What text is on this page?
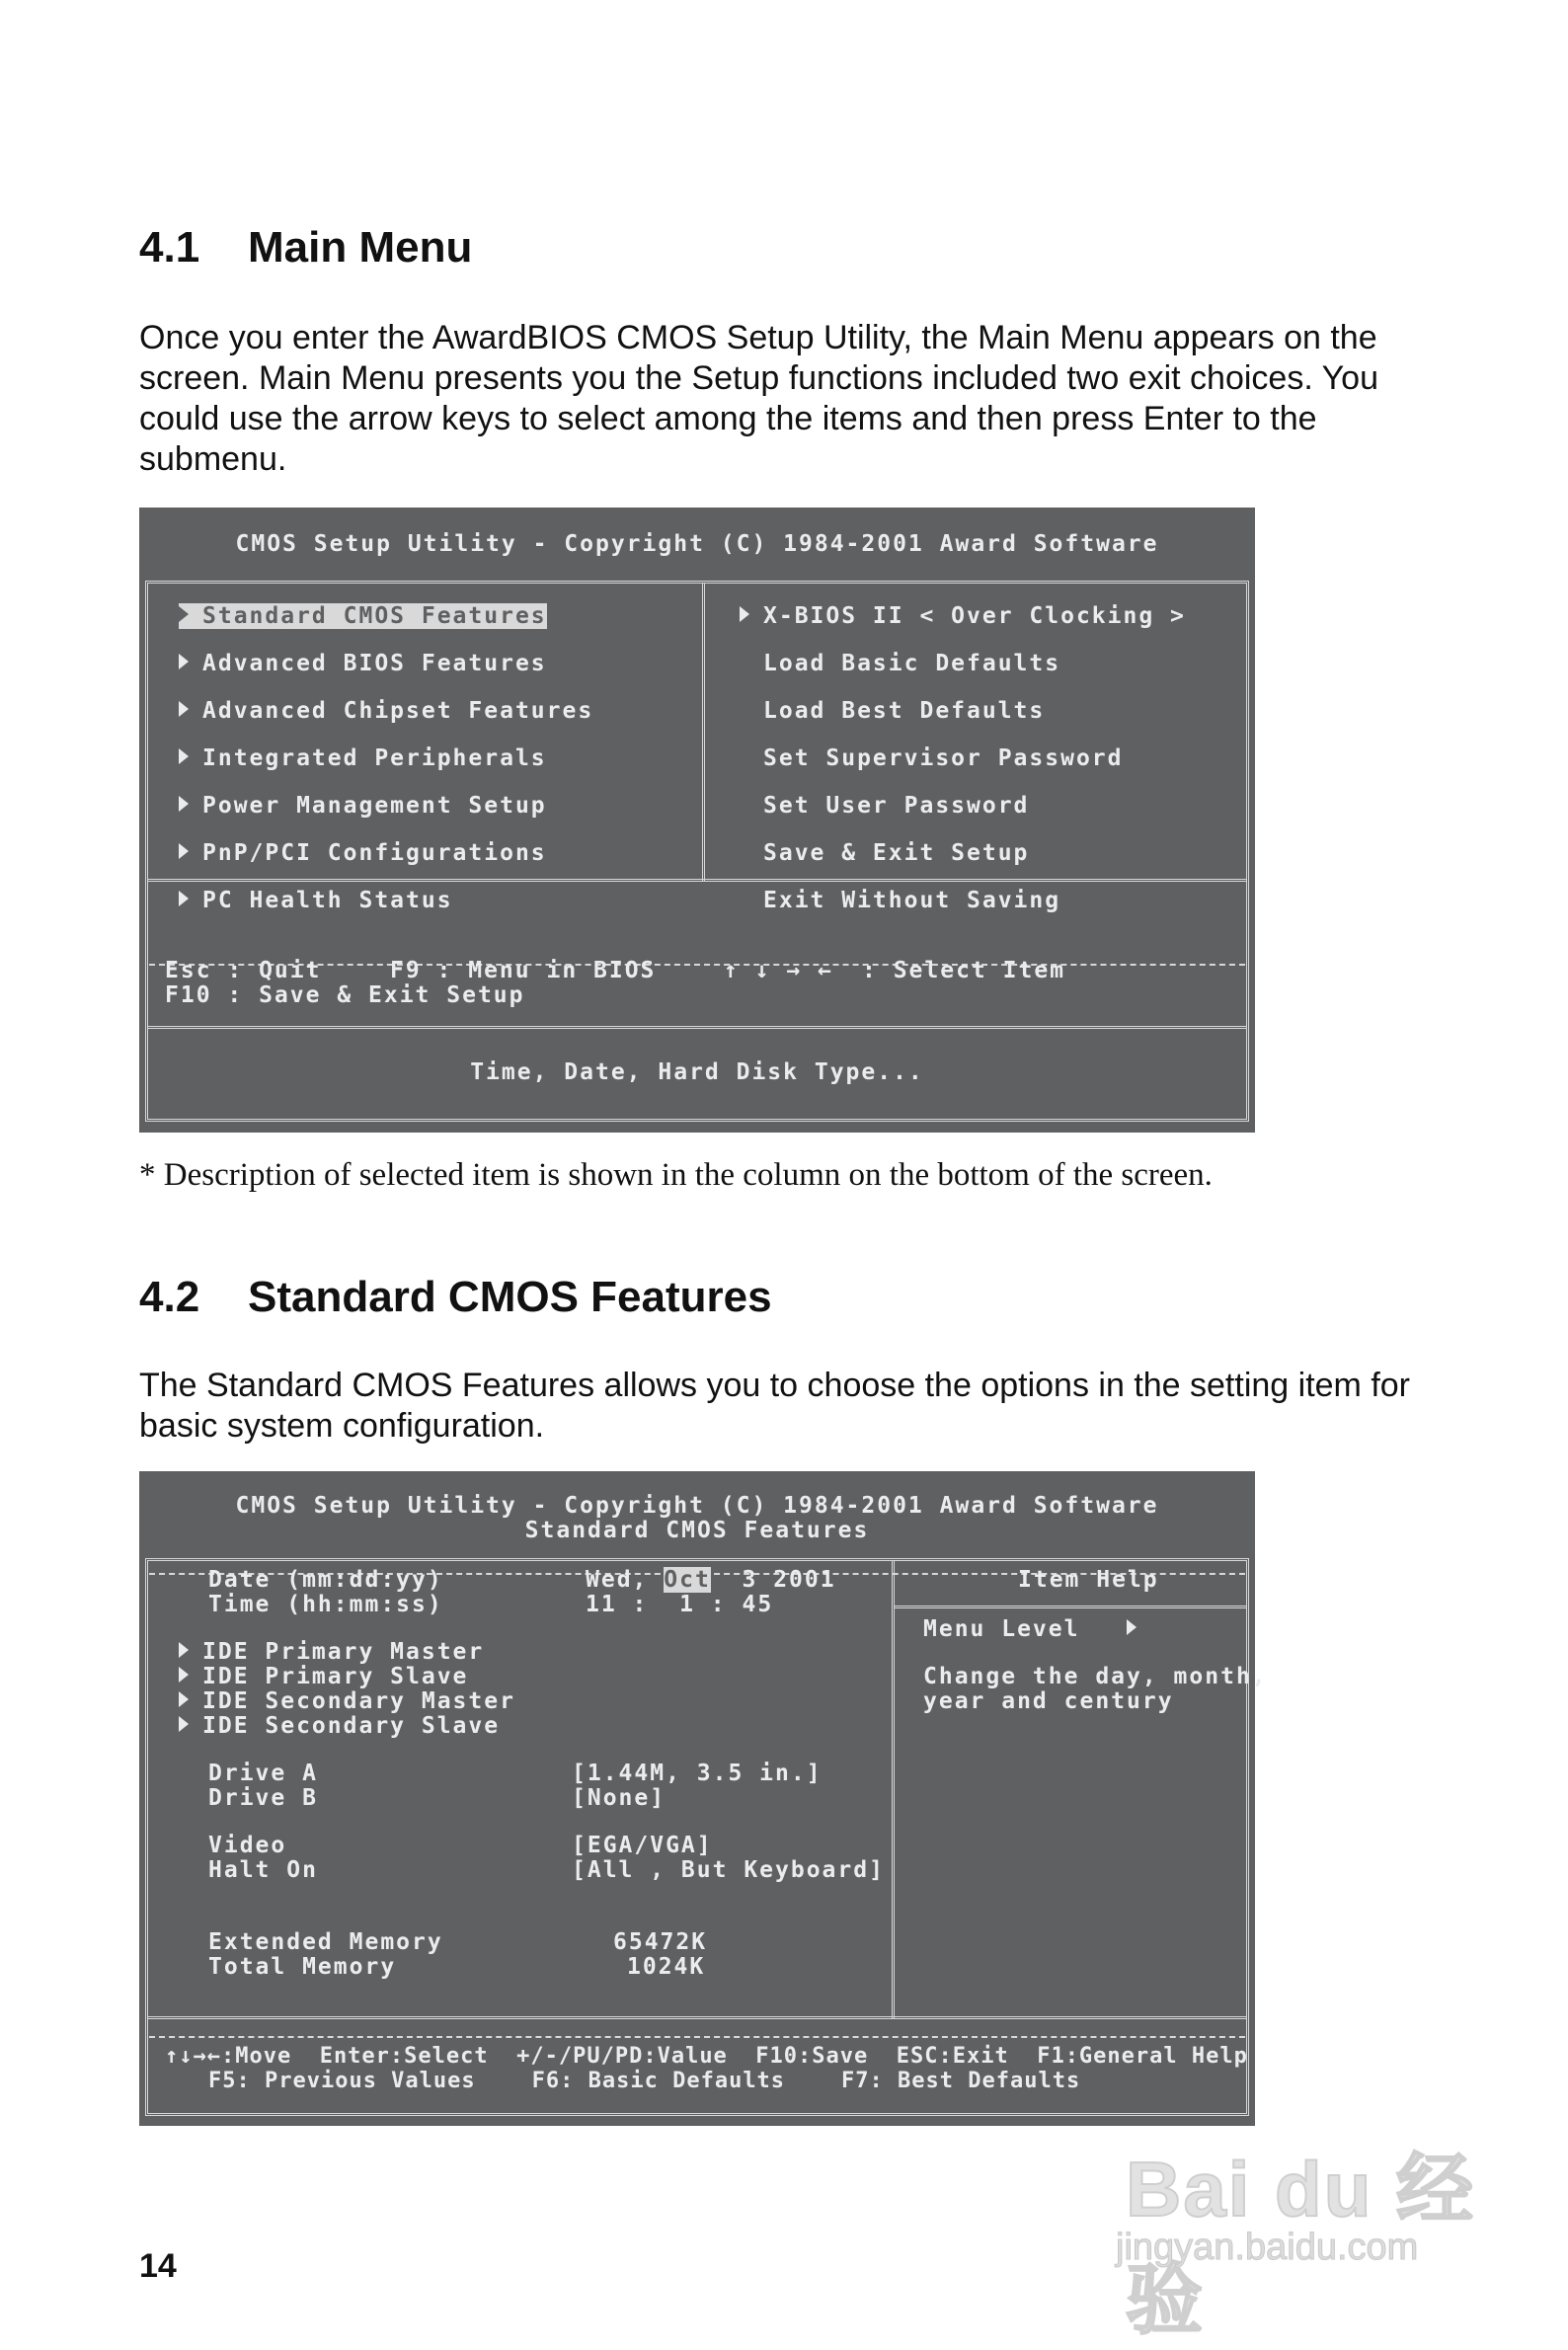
4.1 Main Menu

Once you enter the AwardBIOS CMOS Setup Utility, the Main Menu appears on the screen. Main Menu presents you the Setup functions included two exit choices. You could use the arrow keys to select among the items and then press Enter to the submenu.

CMOS Setup Utility - Copyright (C) 1984-2001 Award Software
Standard CMOS Features
Advanced BIOS Features
Advanced Chipset Features
Integrated Peripherals
Power Management Setup
PnP/PCI Configurations
PC Health Status
X-BIOS II < Over Clocking >
Load Basic Defaults
Load Best Defaults
Set Supervisor Password
Set User Password
Save & Exit Setup
Exit Without Saving
Esc : Quit	F9 : Menu in BIOS	↑ ↓ → ← : Select Item
F10 : Save & Exit Setup
Time, Date, Hard Disk Type...

* Description of selected item is shown in the column on the bottom of the screen.

4.2 Standard CMOS Features

The Standard CMOS Features allows you to choose the options in the setting item for basic system configuration.

CMOS Setup Utility - Copyright (C) 1984-2001 Award Software
Standard CMOS Features
Date (mm:dd:yy)	Wed, Oct 3 2001
Time (hh:mm:ss)	11 :  1 : 45
IDE Primary Master
IDE Primary Slave
IDE Secondary Master
IDE Secondary Slave
Drive A	[1.44M, 3.5 in.]
Drive B	[None]
Video	[EGA/VGA]
Halt On	[All , But Keyboard]
Extended Memory	65472K
Total Memory	1024K
Item Help
Menu Level
Change the day, month,
year and century
↑↓→←:Move  Enter:Select  +/-/PU/PD:Value  F10:Save  ESC:Exit  F1:General Help
F5: Previous Values    F6: Basic Defaults    F7: Best Defaults

14

Bai du 经验
jingyan.baidu.com
